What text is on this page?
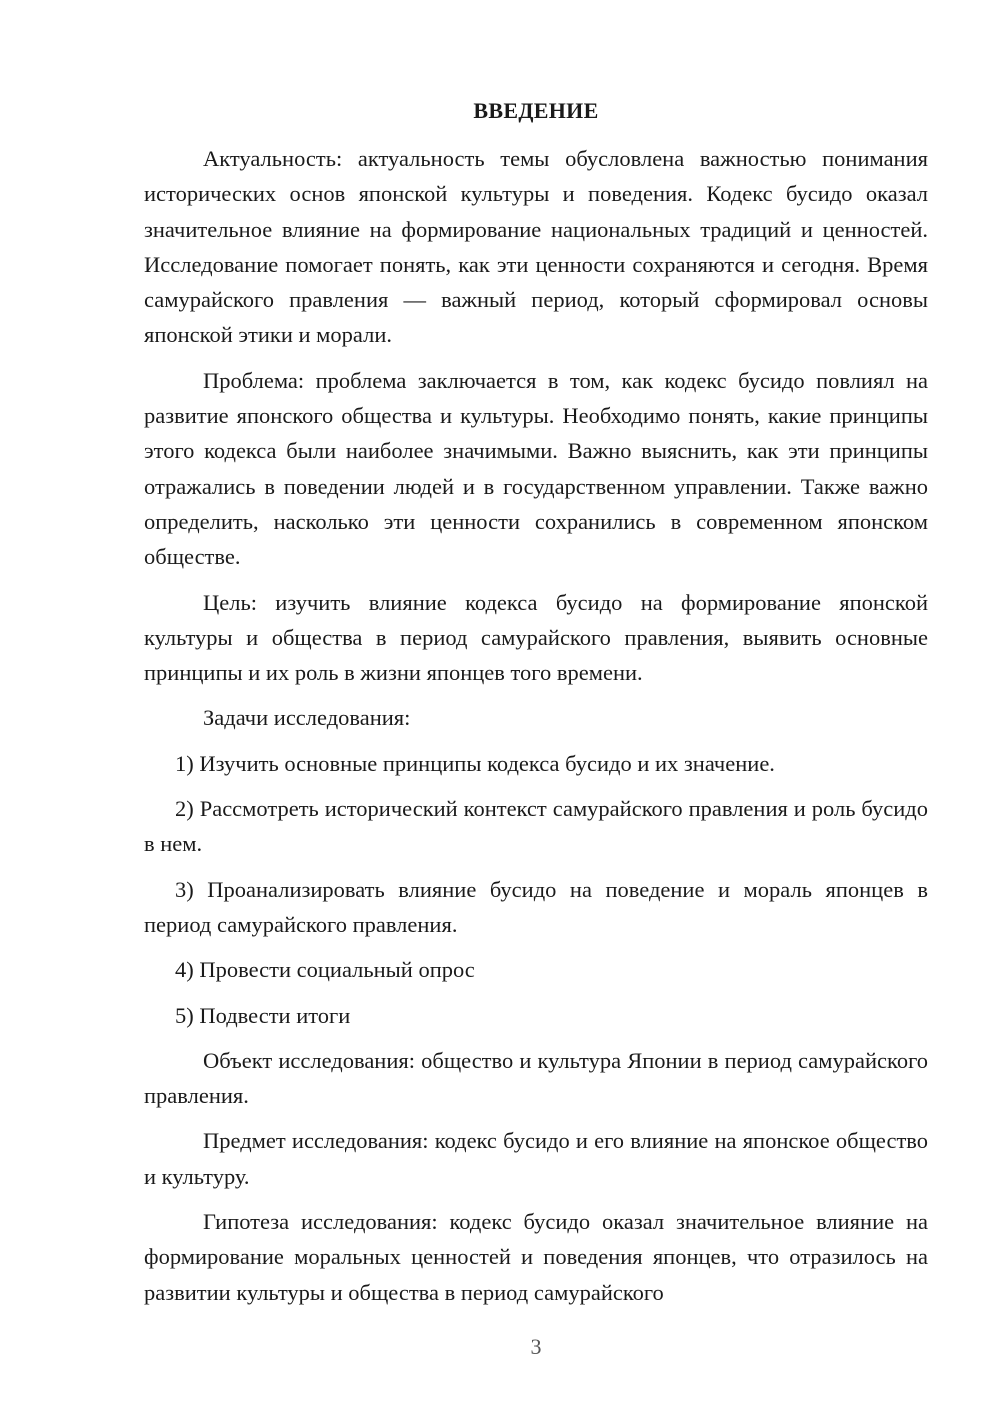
ВВЕДЕНИЕ

Актуальность: актуальность темы обусловлена важностью понимания исторических основ японской культуры и поведения. Кодекс бусидо оказал значительное влияние на формирование национальных традиций и ценностей. Исследование помогает понять, как эти ценности сохраняются и сегодня. Время самурайского правления — важный период, который сформировал основы японской этики и морали.

Проблема: проблема заключается в том, как кодекс бусидо повлиял на развитие японского общества и культуры. Необходимо понять, какие принципы этого кодекса были наиболее значимыми. Важно выяснить, как эти принципы отражались в поведении людей и в государственном управлении. Также важно определить, насколько эти ценности сохранились в современном японском обществе.

Цель: изучить влияние кодекса бусидо на формирование японской культуры и общества в период самурайского правления, выявить основные принципы и их роль в жизни японцев того времени.

Задачи исследования:

1) Изучить основные принципы кодекса бусидо и их значение.

2) Рассмотреть исторический контекст самурайского правления и роль бусидо в нем.

3) Проанализировать влияние бусидо на поведение и мораль японцев в период самурайского правления.

4) Провести социальный опрос

5) Подвести итоги

Объект исследования: общество и культура Японии в период самурайского правления.

Предмет исследования: кодекс бусидо и его влияние на японское общество и культуру.

Гипотеза исследования: кодекс бусидо оказал значительное влияние на формирование моральных ценностей и поведения японцев, что отразилось на развитии культуры и общества в период самурайского

3
